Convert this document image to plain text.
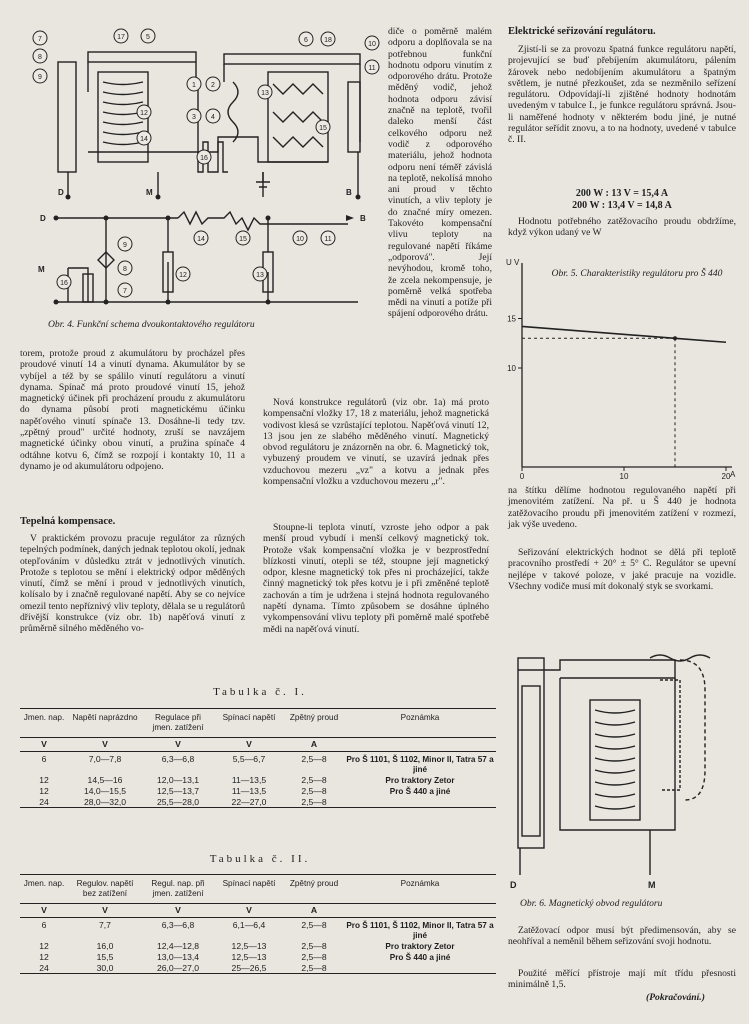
7
8
9
17	5
1 2
12
14
3 4
13
15
6 18
10
11
16
14	15	10	11
9
8
7
12	13
16
D	M	B
D	B
M
Obr. 4. Funkční schema dvoukontaktového regulátoru
diče o poměrně malém odporu a doplňovala se na potřebnou funkční hodnotu odporu vinutím z odporového drátu. Protože měděný vodič, jehož hodnota odporu závisí značně na teplotě, tvořil daleko menší část celkového odporu než vodič z odporového materiálu, jehož hodnota odporu není téměř závislá na teplotě, nekolísá mnoho ani proud v těchto vinutích, a vliv teploty je do značné míry omezen. Takovéto kompensační vlivu teploty na regulované napětí říkáme „odporová". Její nevýhodou, kromě toho, že zcela nekompensuje, je poměrně velká spotřeba mědi na vinutí a potíže při spájení odporového drátu.
torem, protože proud z akumulátoru by procházel přes proudové vinutí 14 a vinutí dynama. Akumulátor by se vybíjel a též by se spálilo vinutí regulátoru a vinutí dynama. Spínač má proto proudové vinutí 15, jehož magnetický účinek při procházení proudu z akumulátoru do dynama působí proti magnetickému účinku napěťového vinutí spínače 13. Dosáhne-li tedy tzv. „zpětný proud" určité hodnoty, zruší se navzájem magnetické účinky obou vinutí, a pružina spínače 4 odtáhne kotvu 6, čímž se rozpojí i kontakty 10, 11 a dynamo je od akumulátoru odpojeno.
Tepelná kompensace.
V praktickém provozu pracuje regulátor za různých tepelných podmínek, daných jednak teplotou okolí, jednak otepľováním v důsledku ztrát v jednotlivých vinutích. Protože s teplotou se mění i elektrický odpor měděných vinutí, čímž se mění i proud v jednotlivých vinutích, kolísalo by i značně regulované napětí. Aby se co nejvíce omezil tento nepříznivý vliv teploty, dělala se u regulátorů dřívější konstrukce (viz obr. 1b) napěťová vinutí z průměrně silného měděného vo-
Nová konstrukce regulátorů (viz obr. 1a) má proto kompensační vložky 17, 18 z materiálu, jehož magnetická vodivost klesá se vzrůstající teplotou. Napěťová vinutí 12, 13 jsou jen ze slabého měděného vinutí. Magnetický obvod regulátoru je znázorněn na obr. 6. Magnetický tok, vybuzený proudem ve vinutí, se uzavírá jednak přes vzduchovou mezeru „vz" a kotvu a jednak přes kompensační vložku a vzduchovou mezeru „r".
Stoupne-li teplota vinutí, vzroste jeho odpor a pak menší proud vybudí i menší celkový magnetický tok. Protože však kompensační vložka je v bezprostřední blízkosti vinutí, otepli se též, stoupne její magnetický odpor, klesne magnetický tok přes ni procházející, takže činný magnetický tok přes kotvu je i při změněné teplotě zachován a tím je udržena i stejná hodnota regulovaného napětí dynama. Tímto způsobem se dosáhne úplného vykompensování vlivu teploty při poměrně malé spotřebě mědi na napěťová vinutí.
Elektrické seřizování regulátoru.
Zjistí-li se za provozu špatná funkce regulátoru napětí, projevující se buď přebíjením akumulátoru, pálením žárovek nebo nedobíjením akumulátoru a špatným světlem, je nutné přezkoušet, zda se nezměnilo seřízení regulátoru. Odpovídají-li zjištěné hodnoty hodnotám uvedeným v tabulce I., je funkce regulátoru správná. Jsou-li naměřené hodnoty v některém bodu jiné, je nutné regulátor seřídit znovu, a to na hodnoty, uvedené v tabulce č. II.
200 W : 13 V = 15,4 A
200 W : 13,4 V = 14,8 A
Hodnotu potřebného zatěžovacího proudu obdržíme, když výkon udaný ve W
0	10	20
10
15
U V
A
Obr. 5. Charakteristiky regulátoru pro Š 440
na štítku dělíme hodnotou regulovaného napětí při jmenovitém zatížení. Na př. u Š 440 je hodnota zatěžovacího proudu při jmenovitém zatížení v rozmezí, jak výše uvedeno.
Seřizování elektrických hodnot se dělá při teplotě pracovního prostředí + 20° ± 5° C. Regulátor se upevní nejlépe v takové poloze, v jaké pracuje na vozidle. Všechny vodiče musí mít dokonalý styk se svorkami.
D	M
Obr. 6. Magnetický obvod regulátoru
Zatěžovací odpor musí být předimensován, aby se neohříval a neměnil během seřizování svoji hodnotu.
Použité měřící přístroje mají mít třídu přesnosti minimálně 1,5.
(Pokračování.)
Tabulka č. I.
Jmen. nap.	Napětí naprázdno	Regulace při jmen. zatížení	Spínací napětí	Zpětný proud	Poznámka
V	V	V	V	A	
6	7,0—7,8	6,3—6,8	5,5—6,7	2,5—8	Pro Š 1101, Š 1102, Minor II, Tatra 57 a jiné
12	14,5—16	12,0—13,1	11—13,5	2,5—8	Pro traktory Zetor
12	14,0—15,5	12,5—13,7	11—13,5	2,5—8	Pro Š 440 a jiné
24	28,0—32,0	25,5—28,0	22—27,0	2,5—8	
Tabulka č. II.
Jmen. nap.	Regulov. napětí bez zatížení	Regul. nap. při jmen. zatížení	Spínací napětí	Zpětný proud	Poznámka
V	V	V	V	A	
6	7,7	6,3—6,8	6,1—6,4	2,5—8	Pro Š 1101, Š 1102, Minor II, Tatra 57 a jiné
12	16,0	12,4—12,8	12,5—13	2,5—8	Pro traktory Zetor
12	15,5	13,0—13,4	12,5—13	2,5—8	Pro Š 440 a jiné
24	30,0	26,0—27,0	25—26,5	2,5—8	
